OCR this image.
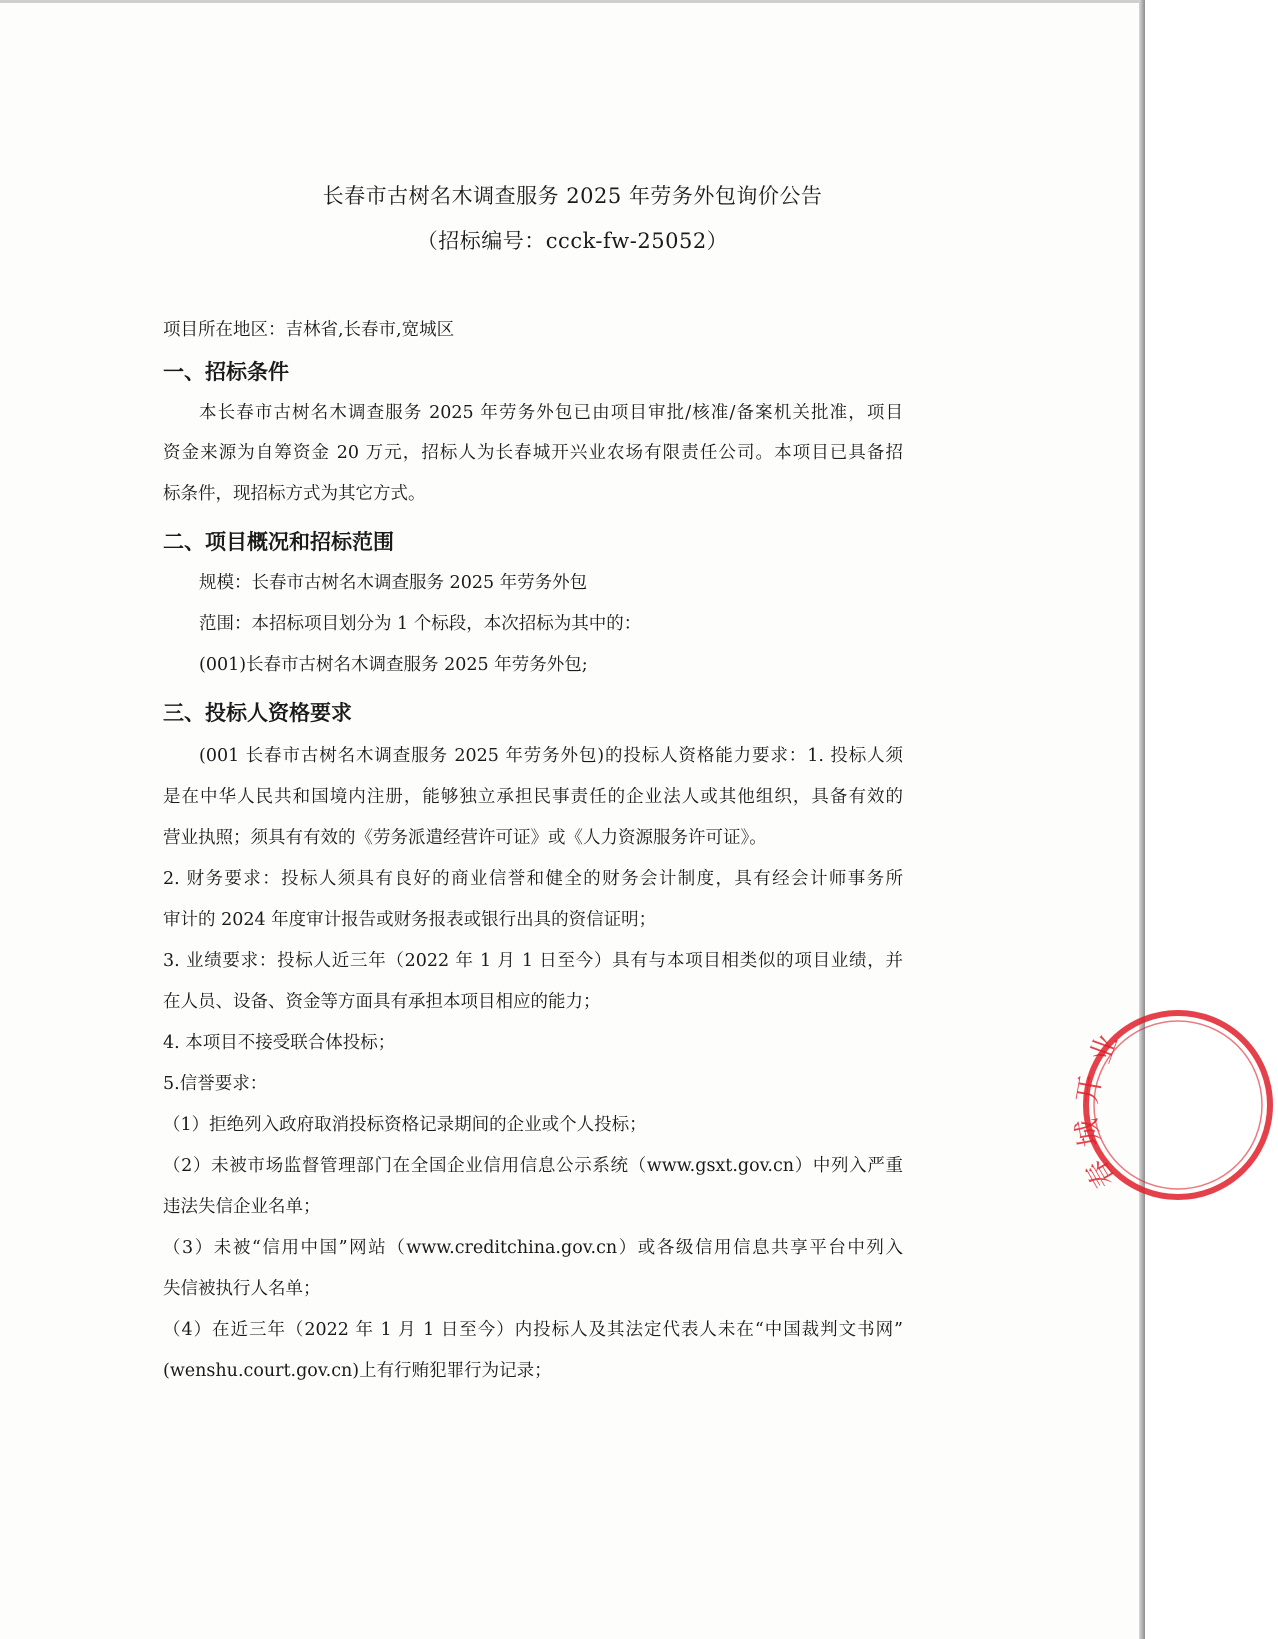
长春市古树名木调查服务 2025 年劳务外包询价公告
（招标编号：ccck-fw-25052）
项目所在地区：吉林省,长春市,宽城区
一、招标条件
本长春市古树名木调查服务 2025 年劳务外包已由项目审批/核准/备案机关批准，项目
资金来源为自筹资金 20 万元，招标人为长春城开兴业农场有限责任公司。本项目已具备招
标条件，现招标方式为其它方式。
二、项目概况和招标范围
规模：长春市古树名木调查服务 2025 年劳务外包
范围：本招标项目划分为 1 个标段，本次招标为其中的：
(001)长春市古树名木调查服务 2025 年劳务外包;
三、投标人资格要求
(001 长春市古树名木调查服务 2025 年劳务外包)的投标人资格能力要求：1. 投标人须
是在中华人民共和国境内注册，能够独立承担民事责任的企业法人或其他组织，具备有效的
营业执照；须具有有效的《劳务派遣经营许可证》或《人力资源服务许可证》。
2. 财务要求：投标人须具有良好的商业信誉和健全的财务会计制度，具有经会计师事务所
审计的 2024 年度审计报告或财务报表或银行出具的资信证明；
3. 业绩要求：投标人近三年（2022 年 1 月 1 日至今）具有与本项目相类似的项目业绩，并
在人员、设备、资金等方面具有承担本项目相应的能力；
4. 本项目不接受联合体投标；
5.信誉要求：
（1）拒绝列入政府取消投标资格记录期间的企业或个人投标；
（2）未被市场监督管理部门在全国企业信用信息公示系统（www.gsxt.gov.cn）中列入严重
违法失信企业名单；
（3）未被“信用中国”网站（www.creditchina.gov.cn）或各级信用信息共享平台中列入
失信被执行人名单；
（4）在近三年（2022 年 1 月 1 日至今）内投标人及其法定代表人未在“中国裁判文书网”
(wenshu.court.gov.cn)上有行贿犯罪行为记录；
业
开
城
春
